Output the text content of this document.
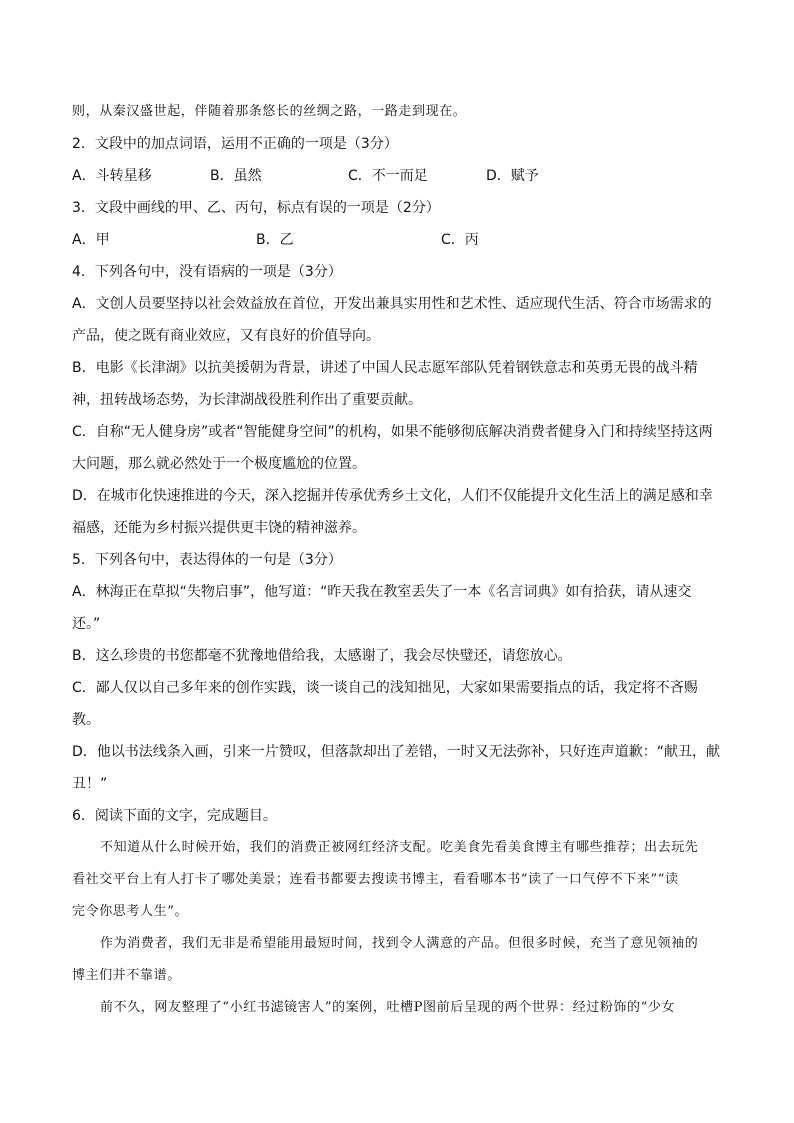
则，从秦汉盛世起，伴随着那条悠长的丝绸之路，一路走到现在。
2．文段中的加点词语，运用不正确的一项是（3分）
A．斗转星移	B．虽然	C．不一而足	D．赋予
3．文段中画线的甲、乙、丙句，标点有误的一项是（2分）
A．甲	B．乙	C．丙
4．下列各句中，没有语病的一项是（3分）
A．文创人员要坚持以社会效益放在首位，开发出兼具实用性和艺术性、适应现代生活、符合市场需求的
产品，使之既有商业效应，又有良好的价值导向。
B．电影《长津湖》以抗美援朝为背景，讲述了中国人民志愿军部队凭着钢铁意志和英勇无畏的战斗精
神，扭转战场态势，为长津湖战役胜利作出了重要贡献。
C．自称“无人健身房”或者“智能健身空间”的机构，如果不能够彻底解决消费者健身入门和持续坚持这两
大问题，那么就必然处于一个极度尴尬的位置。
D．在城市化快速推进的今天，深入挖掘并传承优秀乡土文化，人们不仅能提升文化生活上的满足感和幸
福感，还能为乡村振兴提供更丰饶的精神滋养。
5．下列各句中，表达得体的一句是（3分）
A．林海正在草拟“失物启事”，他写道：“昨天我在教室丢失了一本《名言词典》如有拾获，请从速交
还。”
B．这么珍贵的书您都毫不犹豫地借给我，太感谢了，我会尽快璧还，请您放心。
C．鄙人仅以自己多年来的创作实践，谈一谈自己的浅知拙见，大家如果需要指点的话，我定将不吝赐
教。
D．他以书法线条入画，引来一片赞叹，但落款却出了差错，一时又无法弥补，只好连声道歉：“献丑，献
丑！”
6．阅读下面的文字，完成题目。
不知道从什么时候开始，我们的消费正被网红经济支配。吃美食先看美食博主有哪些推荐；出去玩先
看社交平台上有人打卡了哪处美景；连看书都要去搜读书博主，看看哪本书“读了一口气停不下来”“读
完令你思考人生”。
作为消费者，我们无非是希望能用最短时间，找到令人满意的产品。但很多时候，充当了意见领袖的
博主们并不靠谱。
前不久，网友整理了“小红书滤镜害人”的案例，吐槽P图前后呈现的两个世界：经过粉饰的“少女
